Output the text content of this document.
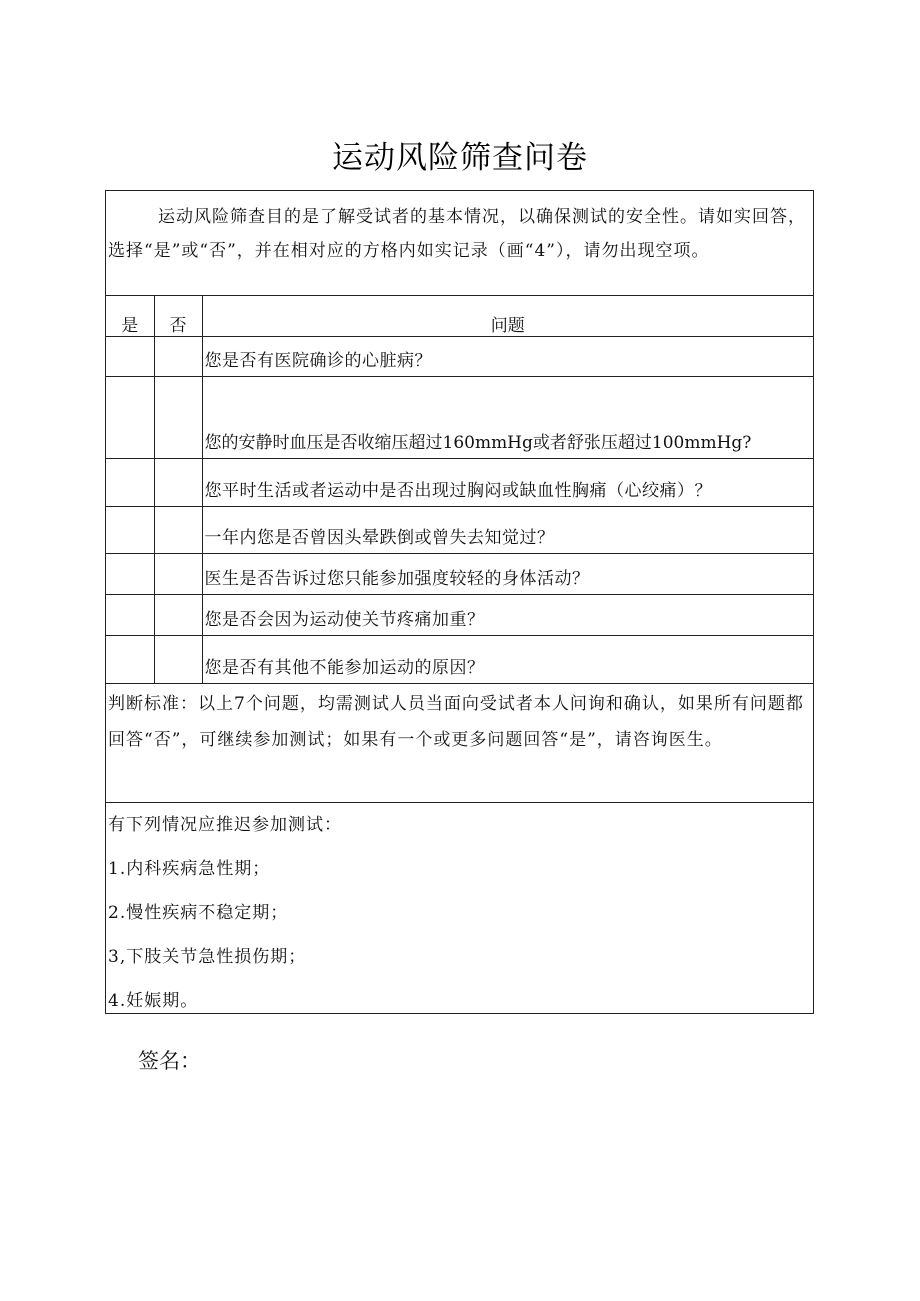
运动风险筛查问卷
运动风险筛查目的是了解受试者的基本情况，以确保测试的安全性。请如实回答，选择“是”或“否”，并在相对应的方格内如实记录（画“4”），请勿出现空项。
是	否	问题
		您是否有医院确诊的心脏病？
		您的安静时血压是否收缩压超过160mmHg或者舒张压超过100mmHg?
		您平时生活或者运动中是否出现过胸闷或缺血性胸痛（心绞痛）？
		一年内您是否曾因头晕跌倒或曾失去知觉过？
		医生是否告诉过您只能参加强度较轻的身体活动？
		您是否会因为运动使关节疼痛加重？
		您是否有其他不能参加运动的原因？
判断标准：以上7个问题，均需测试人员当面向受试者本人问询和确认，如果所有问题都回答“否”，可继续参加测试；如果有一个或更多问题回答“是”，请咨询医生。
有下列情况应推迟参加测试：
1.内科疾病急性期；
2.慢性疾病不稳定期；
3,下肢关节急性损伤期；
4.妊娠期。
签名：
